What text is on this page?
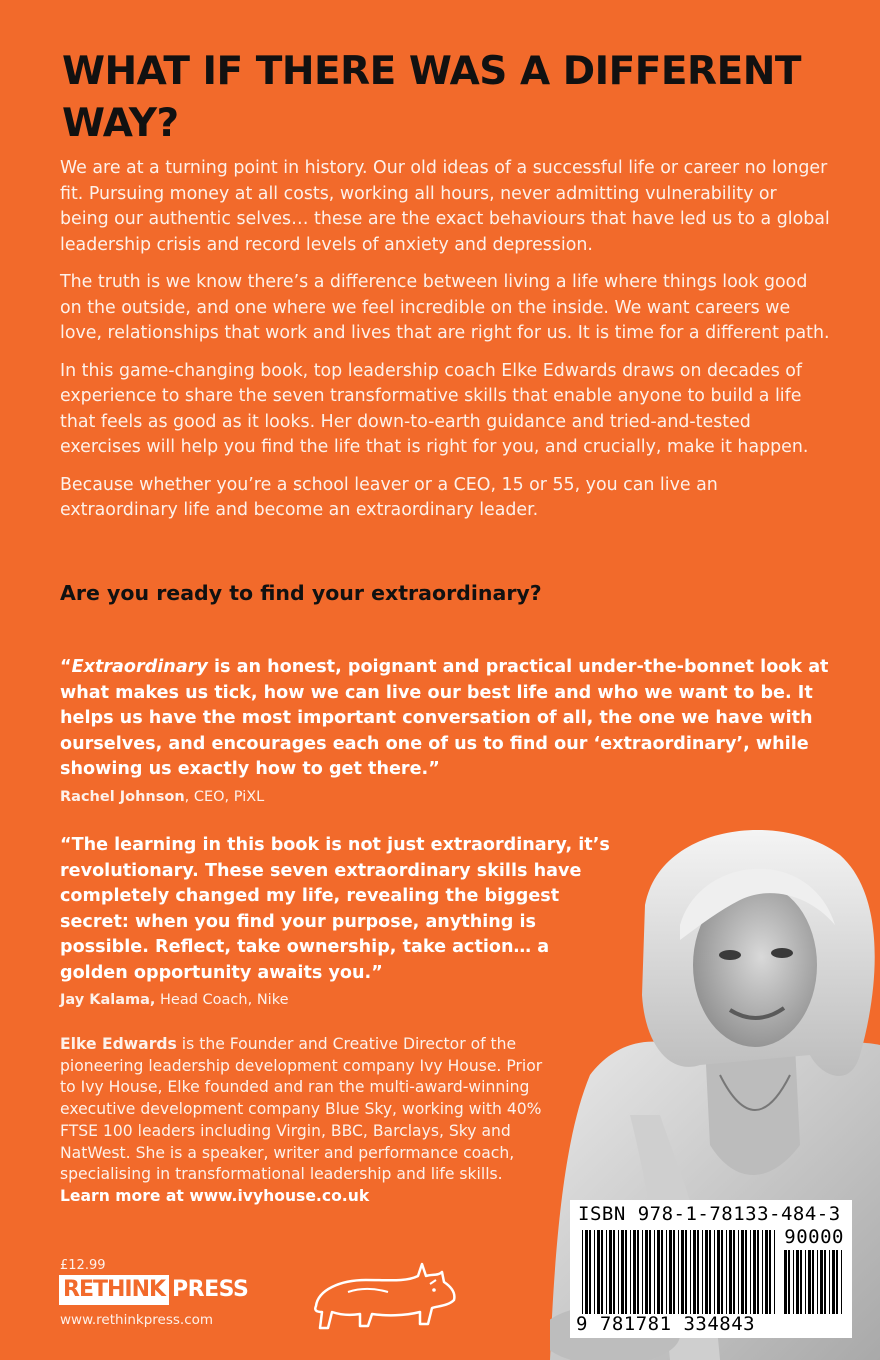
WHAT IF THERE WAS A DIFFERENT WAY?

We are at a turning point in history. Our old ideas of a successful life or career no longer fit. Pursuing money at all costs, working all hours, never admitting vulnerability or being our authentic selves… these are the exact behaviours that have led us to a global leadership crisis and record levels of anxiety and depression.

The truth is we know there’s a difference between living a life where things look good on the outside, and one where we feel incredible on the inside. We want careers we love, relationships that work and lives that are right for us. It is time for a different path.

In this game-changing book, top leadership coach Elke Edwards draws on decades of experience to share the seven transformative skills that enable anyone to build a life that feels as good as it looks. Her down-to-earth guidance and tried-and-tested exercises will help you find the life that is right for you, and crucially, make it happen.

Because whether you’re a school leaver or a CEO, 15 or 55, you can live an extraordinary life and become an extraordinary leader.

Are you ready to find your extraordinary?

“Extraordinary is an honest, poignant and practical under-the-bonnet look at what makes us tick, how we can live our best life and who we want to be. It helps us have the most important conversation of all, the one we have with ourselves, and encourages each one of us to find our ‘extraordinary’, while showing us exactly how to get there.”

Rachel Johnson, CEO, PiXL

“The learning in this book is not just extraordinary, it’s revolutionary. These seven extraordinary skills have completely changed my life, revealing the biggest secret: when you find your purpose, anything is possible. Reflect, take ownership, take action… a golden opportunity awaits you.”

Jay Kalama, Head Coach, Nike

Elke Edwards is the Founder and Creative Director of the pioneering leadership development company Ivy House. Prior to Ivy House, Elke founded and ran the multi-award-winning executive development company Blue Sky, working with 40% FTSE 100 leaders including Virgin, BBC, Barclays, Sky and NatWest. She is a speaker, writer and performance coach, specialising in transformational leadership and life skills.

Learn more at www.ivyhouse.co.uk

£12.99
RETHINK PRESS
www.rethinkpress.com
ISBN 978-1-78133-484-3
90000
9 781781 334843
